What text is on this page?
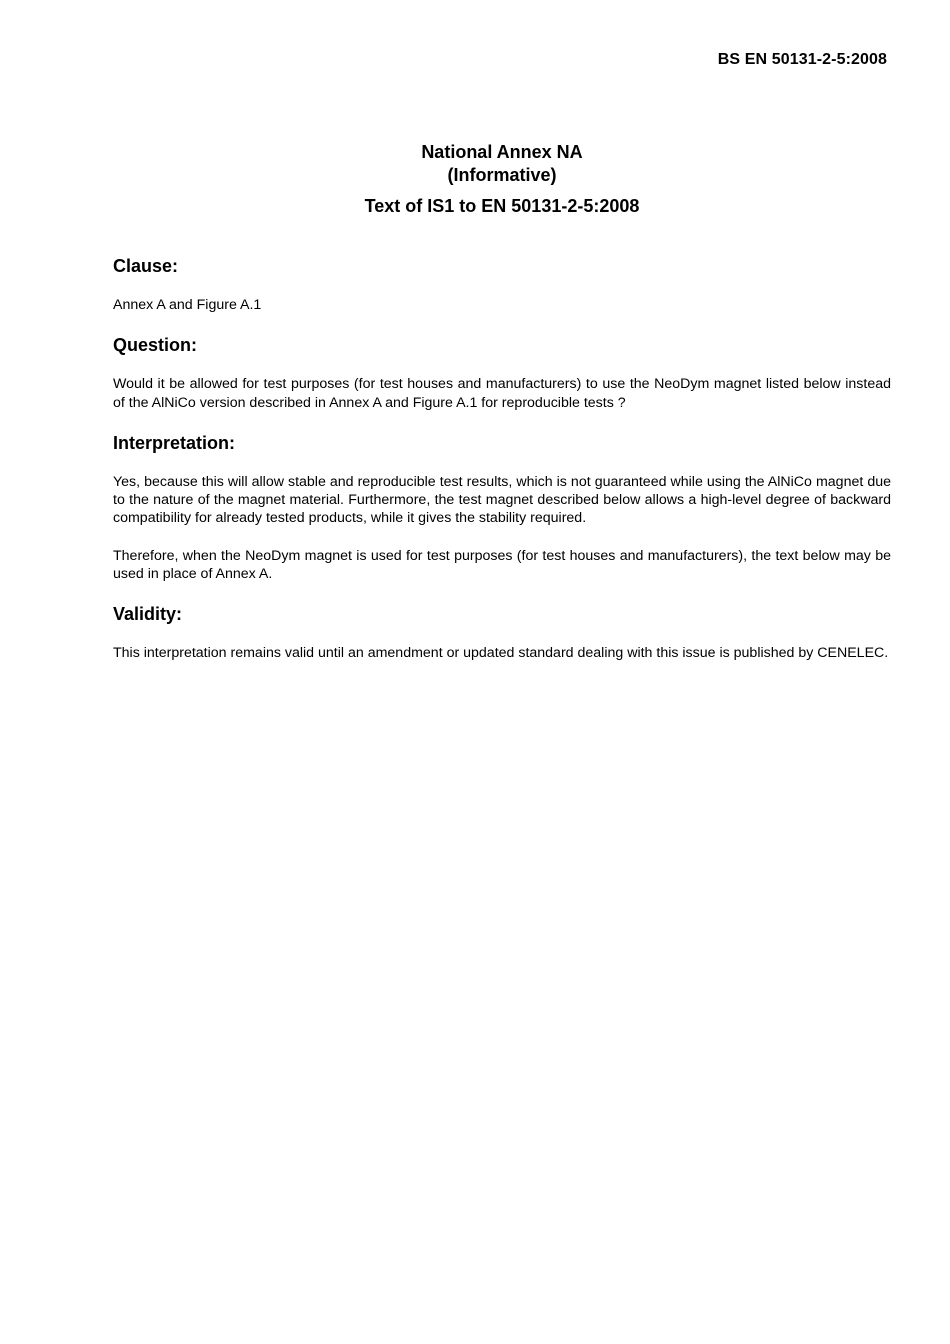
BS EN 50131-2-5:2008
National Annex NA
(Informative)
Text of IS1 to EN 50131-2-5:2008
Clause:

Annex A and Figure A.1

Question:

Would it be allowed for test purposes (for test houses and manufacturers) to use the NeoDym magnet listed below instead of the AlNiCo version described in Annex A and Figure A.1 for reproducible tests ?

Interpretation:

Yes, because this will allow stable and reproducible test results, which is not guaranteed while using the AlNiCo magnet due to the nature of the magnet material. Furthermore, the test magnet described below allows a high-level degree of backward compatibility for already tested products, while it gives the stability required.

Therefore, when the NeoDym magnet is used for test purposes (for test houses and manufacturers), the text below may be used in place of Annex A.

Validity:

This interpretation remains valid until an amendment or updated standard dealing with this issue is published by CENELEC.
